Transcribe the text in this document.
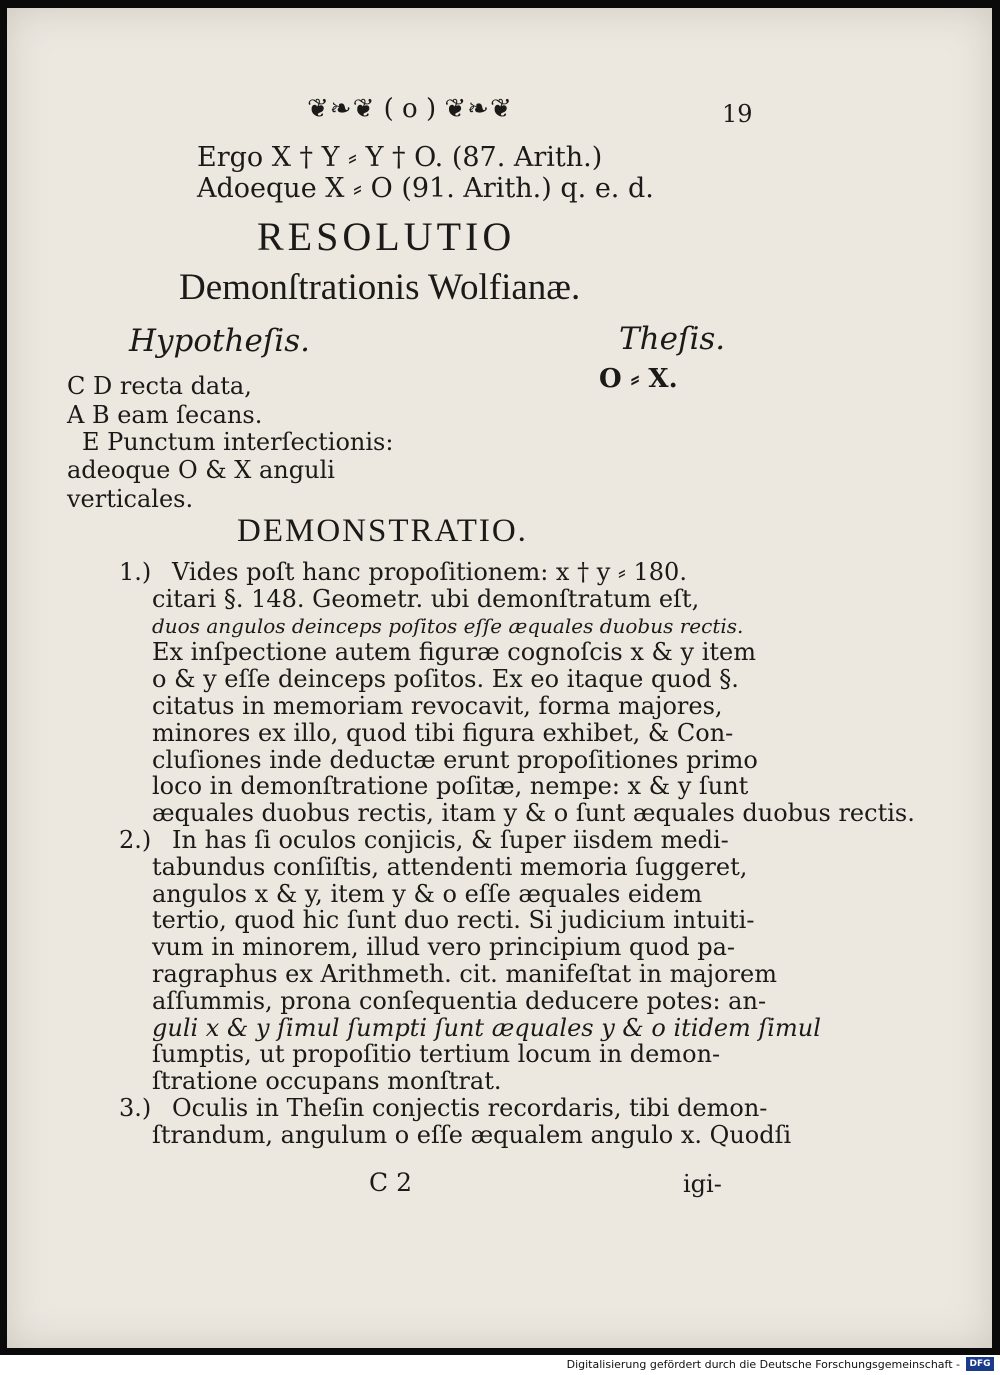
❦❧❦ ( o ) ❦❧❦	19
Ergo X † Y ⸗ Y † O. (87. Arith.)
Adoeque X ⸗ O (91. Arith.) q. e. d.
RESOLUTIO
Demonſtrationis Wolfianæ.
Hypotheſis.	Theſis.
O ⸗ X.
C D recta data,
A B eam ſecans.
E Punctum interſectionis:
adeoque O & X anguli
verticales.
DEMONSTRATIO.
1.) Vides poſt hanc propoſitionem: x † y ⸗ 180.
citari §. 148. Geometr. ubi demonſtratum eſt,
duos angulos deinceps poſitos eſſe æquales duobus rectis.
Ex inſpectione autem figuræ cognoſcis x & y item
o & y eſſe deinceps poſitos. Ex eo itaque quod §.
citatus in memoriam revocavit, forma majores,
minores ex illo, quod tibi figura exhibet, & Con-
cluſiones inde deductæ erunt propoſitiones primo
loco in demonſtratione poſitæ, nempe: x & y ſunt
æquales duobus rectis, itam y & o ſunt æquales duobus rectis.
2.) In has ſi oculos conjicis, & ſuper iisdem medi-
tabundus conſiſtis, attendenti memoria ſuggeret,
angulos x & y, item y & o eſſe æquales eidem
tertio, quod hic ſunt duo recti. Si judicium intuiti-
vum in minorem, illud vero principium quod pa-
ragraphus ex Arithmeth. cit. manifeſtat in majorem
aſſummis, prona conſequentia deducere potes: an-
guli x & y ſimul ſumpti ſunt æquales y & o itidem ſimul
ſumptis, ut propoſitio tertium locum in demon-
ſtratione occupans monſtrat.
3.) Oculis in Theſin conjectis recordaris, tibi demon-
ſtrandum, angulum o eſſe æqualem angulo x. Quodſi
C 2	igi-
Digitalisierung gefördert durch die Deutsche Forschungsgemeinschaft -	DFG
